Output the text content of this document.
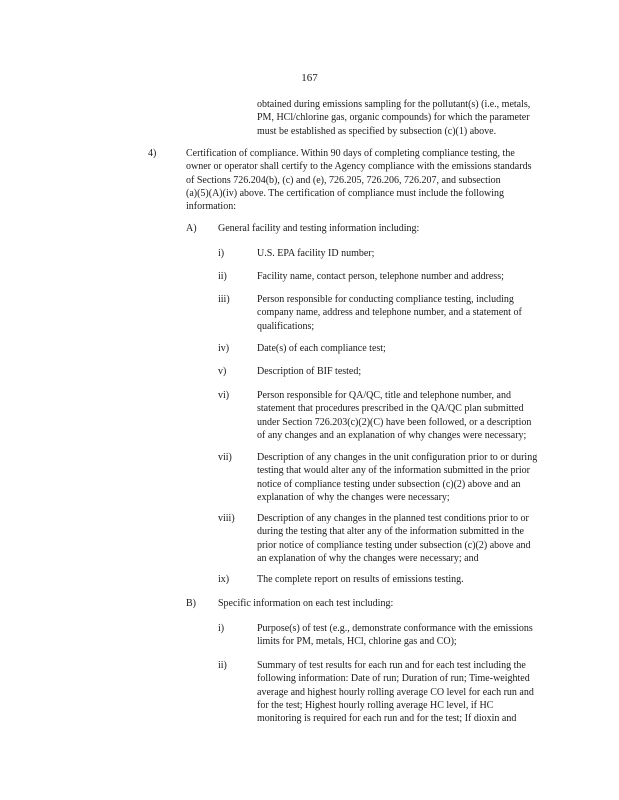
167
obtained during emissions sampling for the pollutant(s) (i.e., metals,
PM, HCl/chlorine gas, organic compounds) for which the parameter
must be established as specified by subsection (c)(1) above.
4)	Certification of compliance. Within 90 days of completing compliance testing, the
owner or operator shall certify to the Agency compliance with the emissions standards
of Sections 726.204(b), (c) and (e), 726.205, 726.206, 726.207, and subsection
(a)(5)(A)(iv) above. The certification of compliance must include the following
information:
A) General facility and testing information including:
i)	U.S. EPA facility ID number;
ii)	Facility name, contact person, telephone number and address;
iii)	Person responsible for conducting compliance testing, including
company name, address and telephone number, and a statement of
qualifications;
iv)	Date(s) of each compliance test;
v)	Description of BIF tested;
vi)	Person responsible for QA/QC, title and telephone number, and
statement that procedures prescribed in the QA/QC plan submitted
under Section 726.203(c)(2)(C) have been followed, or a description
of any changes and an explanation of why changes were necessary;
vii)	Description of any changes in the unit configuration prior to or during
testing that would alter any of the information submitted in the prior
notice of compliance testing under subsection (c)(2) above and an
explanation of why the changes were necessary;
viii) Description of any changes in the planned test conditions prior to or
during the testing that alter any of the information submitted in the
prior notice of compliance testing under subsection (c)(2) above and
an explanation of why the changes were necessary; and
ix)	The complete report on results of emissions testing.
B) Specific information on each test including:
i)	Purpose(s) of test (e.g., demonstrate conformance with the emissions
limits for PM, metals, HCl, chlorine gas and CO);
ii)	Summary of test results for each run and for each test including the
following information: Date of run; Duration of run; Time-weighted
average and highest hourly rolling average CO level for each run and
for the test; Highest hourly rolling average HC level, if HC
monitoring is required for each run and for the test; If dioxin and
